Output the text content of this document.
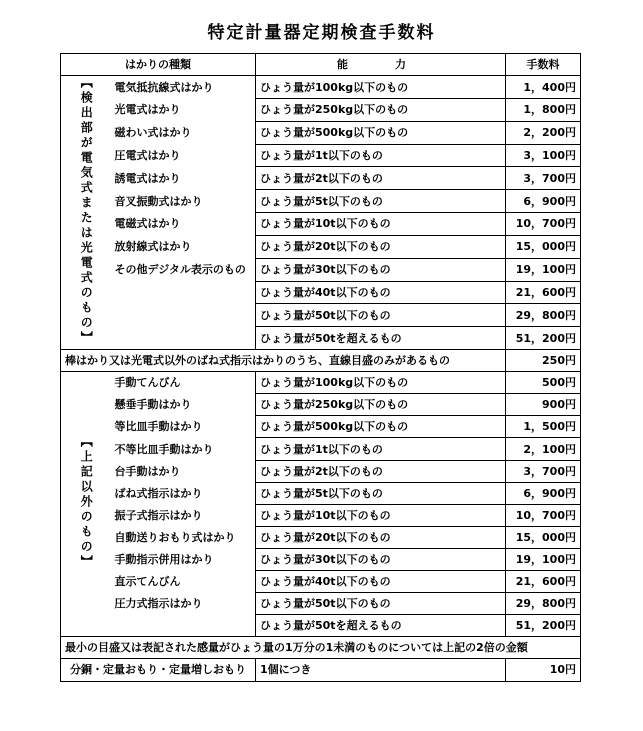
特定計量器定期検査手数料
はかりの種類		能　力	手数料
【検出部が電気式または光電式のもの】	電気抵抗線式はかり	ひょう量が100kg以下のもの	1，400円
	光電式はかり	ひょう量が250kg以下のもの	1，800円
	磁わい式はかり	ひょう量が500kg以下のもの	2，200円
	圧電式はかり	ひょう量が1t以下のもの	3，100円
	誘電式はかり	ひょう量が2t以下のもの	3，700円
	音叉振動式はかり	ひょう量が5t以下のもの	6，900円
	電磁式はかり	ひょう量が10t以下のもの	10，700円
	放射線式はかり	ひょう量が20t以下のもの	15，000円
	その他デジタル表示のもの	ひょう量が30t以下のもの	19，100円
		ひょう量が40t以下のもの	21，600円
		ひょう量が50t以下のもの	29，800円
		ひょう量が50tを超えるもの	51，200円
棒はかり又は光電式以外のばね式指示はかりのうち、直線目盛のみがあるもの			250円
【上記以外のもの】	手動てんびん	ひょう量が100kg以下のもの	500円
	懸垂手動はかり	ひょう量が250kg以下のもの	900円
	等比皿手動はかり	ひょう量が500kg以下のもの	1，500円
	不等比皿手動はかり	ひょう量が1t以下のもの	2，100円
	台手動はかり	ひょう量が2t以下のもの	3，700円
	ばね式指示はかり	ひょう量が5t以下のもの	6，900円
	振子式指示はかり	ひょう量が10t以下のもの	10，700円
	自動送りおもり式はかり	ひょう量が20t以下のもの	15，000円
	手動指示併用はかり	ひょう量が30t以下のもの	19，100円
	直示てんびん	ひょう量が40t以下のもの	21，600円
	圧力式指示はかり	ひょう量が50t以下のもの	29，800円
		ひょう量が50tを超えるもの	51，200円
最小の目盛又は表記された感量がひょう量の1万分の1未満のものについては上記の2倍の金額			
分銅・定量おもり・定量増しおもり		1個につき	10円
